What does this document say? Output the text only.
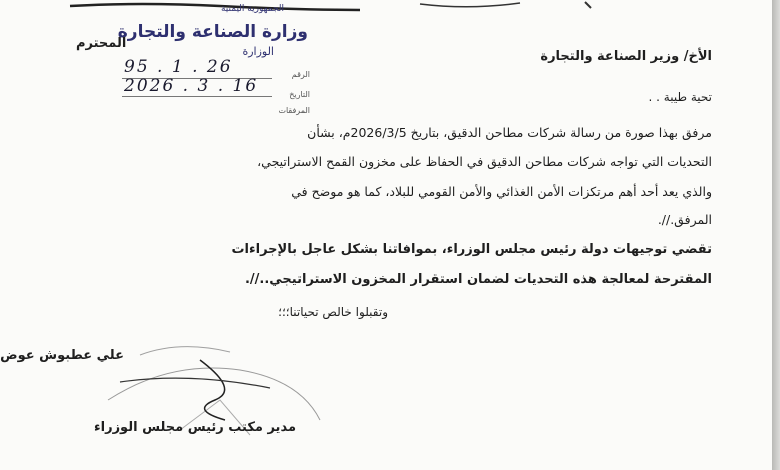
الجمهورية اليمنية
وزارة الصناعة والتجارة
الوزارة
الرقم
26 . 1 . 95
التاريخ
16 . 3 . 2026
المرفقات
المحترم
الأخ/ وزير الصناعة والتجارة
تحية طيبة . .
مرفق بهذا صورة من رسالة شركات مطاحن الدقيق، بتاريخ 2026/3/5م، بشأن
التحديات التي تواجه شركات مطاحن الدقيق في الحفاظ على مخزون القمح الاستراتيجي،
والذي يعد أحد أهم مرتكزات الأمن الغذائي والأمن القومي للبلاد، كما هو موضح في
المرفق.//.
تقضي توجيهات دولة رئيس مجلس الوزراء، بموافاتنا بشكل عاجل بالإجراءات
المقترحة لمعالجة هذه التحديات لضمان استقرار المخزون الاستراتيجي..//.
وتقبلوا خالص تحياتنا؛؛؛
علي عطبوش عوض
مدير مكتب رئيس مجلس الوزراء
